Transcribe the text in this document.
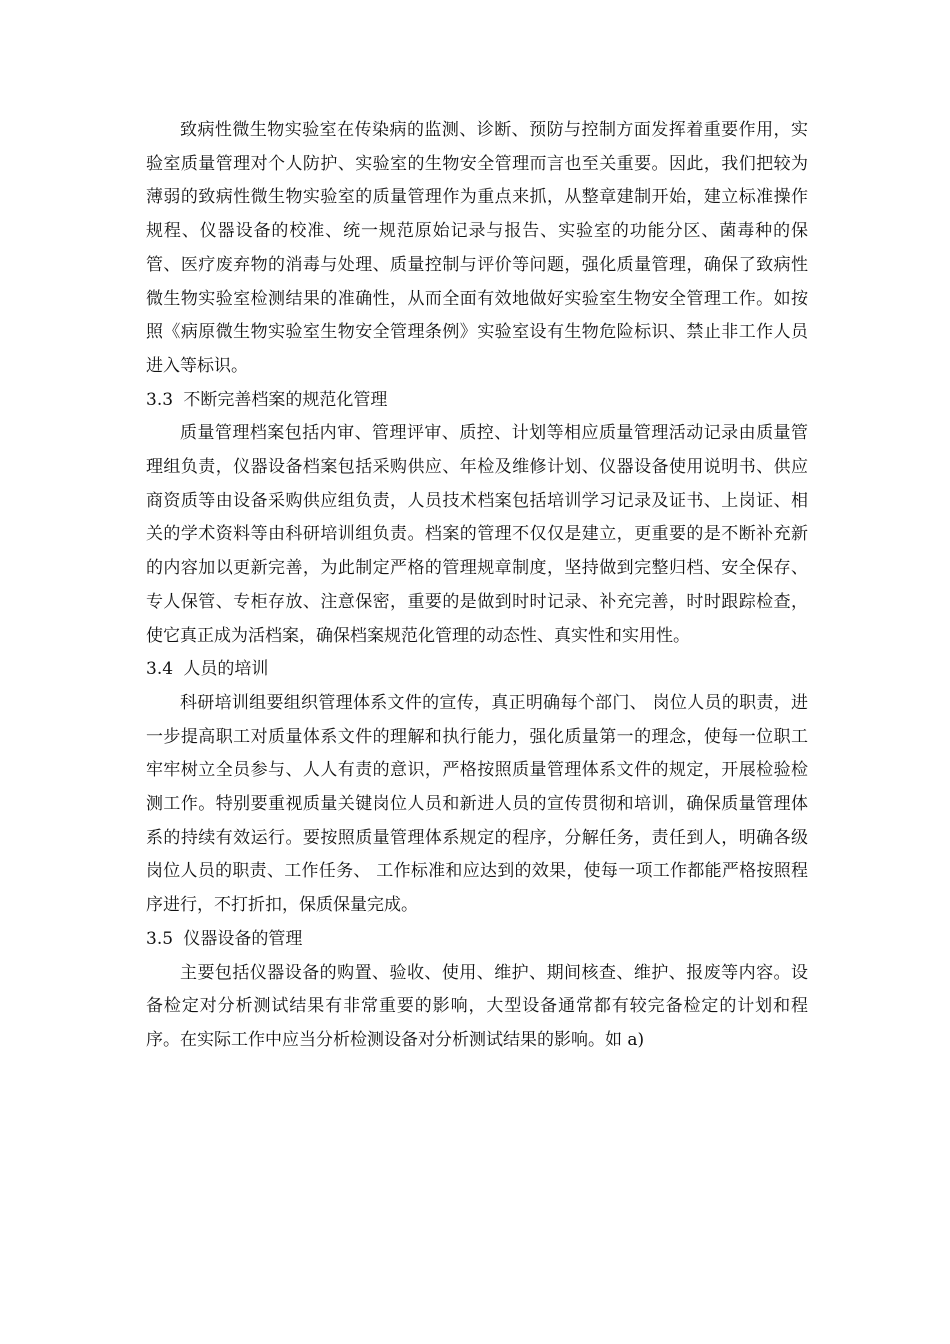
致病性微生物实验室在传染病的监测、诊断、预防与控制方面发挥着重要作用，实验室质量管理对个人防护、实验室的生物安全管理而言也至关重要。因此，我们把较为薄弱的致病性微生物实验室的质量管理作为重点来抓，从整章建制开始，建立标准操作规程、仪器设备的校准、统一规范原始记录与报告、实验室的功能分区、菌毒种的保管、医疗废弃物的消毒与处理、质量控制与评价等问题，强化质量管理，确保了致病性微生物实验室检测结果的准确性，从而全面有效地做好实验室生物安全管理工作。如按照《病原微生物实验室生物安全管理条例》实验室设有生物危险标识、禁止非工作人员进入等标识。

3.3 不断完善档案的规范化管理

质量管理档案包括内审、管理评审、质控、计划等相应质量管理活动记录由质量管理组负责，仪器设备档案包括采购供应、年检及维修计划、仪器设备使用说明书、供应商资质等由设备采购供应组负责，人员技术档案包括培训学习记录及证书、上岗证、相关的学术资料等由科研培训组负责。档案的管理不仅仅是建立，更重要的是不断补充新的内容加以更新完善，为此制定严格的管理规章制度，坚持做到完整归档、安全保存、专人保管、专柜存放、注意保密，重要的是做到时时记录、补充完善，时时跟踪检查，使它真正成为活档案，确保档案规范化管理的动态性、真实性和实用性。

3.4 人员的培训

科研培训组要组织管理体系文件的宣传，真正明确每个部门、 岗位人员的职责，进一步提高职工对质量体系文件的理解和执行能力，强化质量第一的理念，使每一位职工牢牢树立全员参与、人人有责的意识，严格按照质量管理体系文件的规定，开展检验检测工作。特别要重视质量关键岗位人员和新进人员的宣传贯彻和培训，确保质量管理体系的持续有效运行。要按照质量管理体系规定的程序，分解任务，责任到人，明确各级岗位人员的职责、工作任务、 工作标准和应达到的效果，使每一项工作都能严格按照程序进行，不打折扣，保质保量完成。

3.5 仪器设备的管理

主要包括仪器设备的购置、验收、使用、维护、期间核查、维护、报废等内容。设备检定对分析测试结果有非常重要的影响，大型设备通常都有较完备检定的计划和程序。在实际工作中应当分析检测设备对分析测试结果的影响。如 a)
